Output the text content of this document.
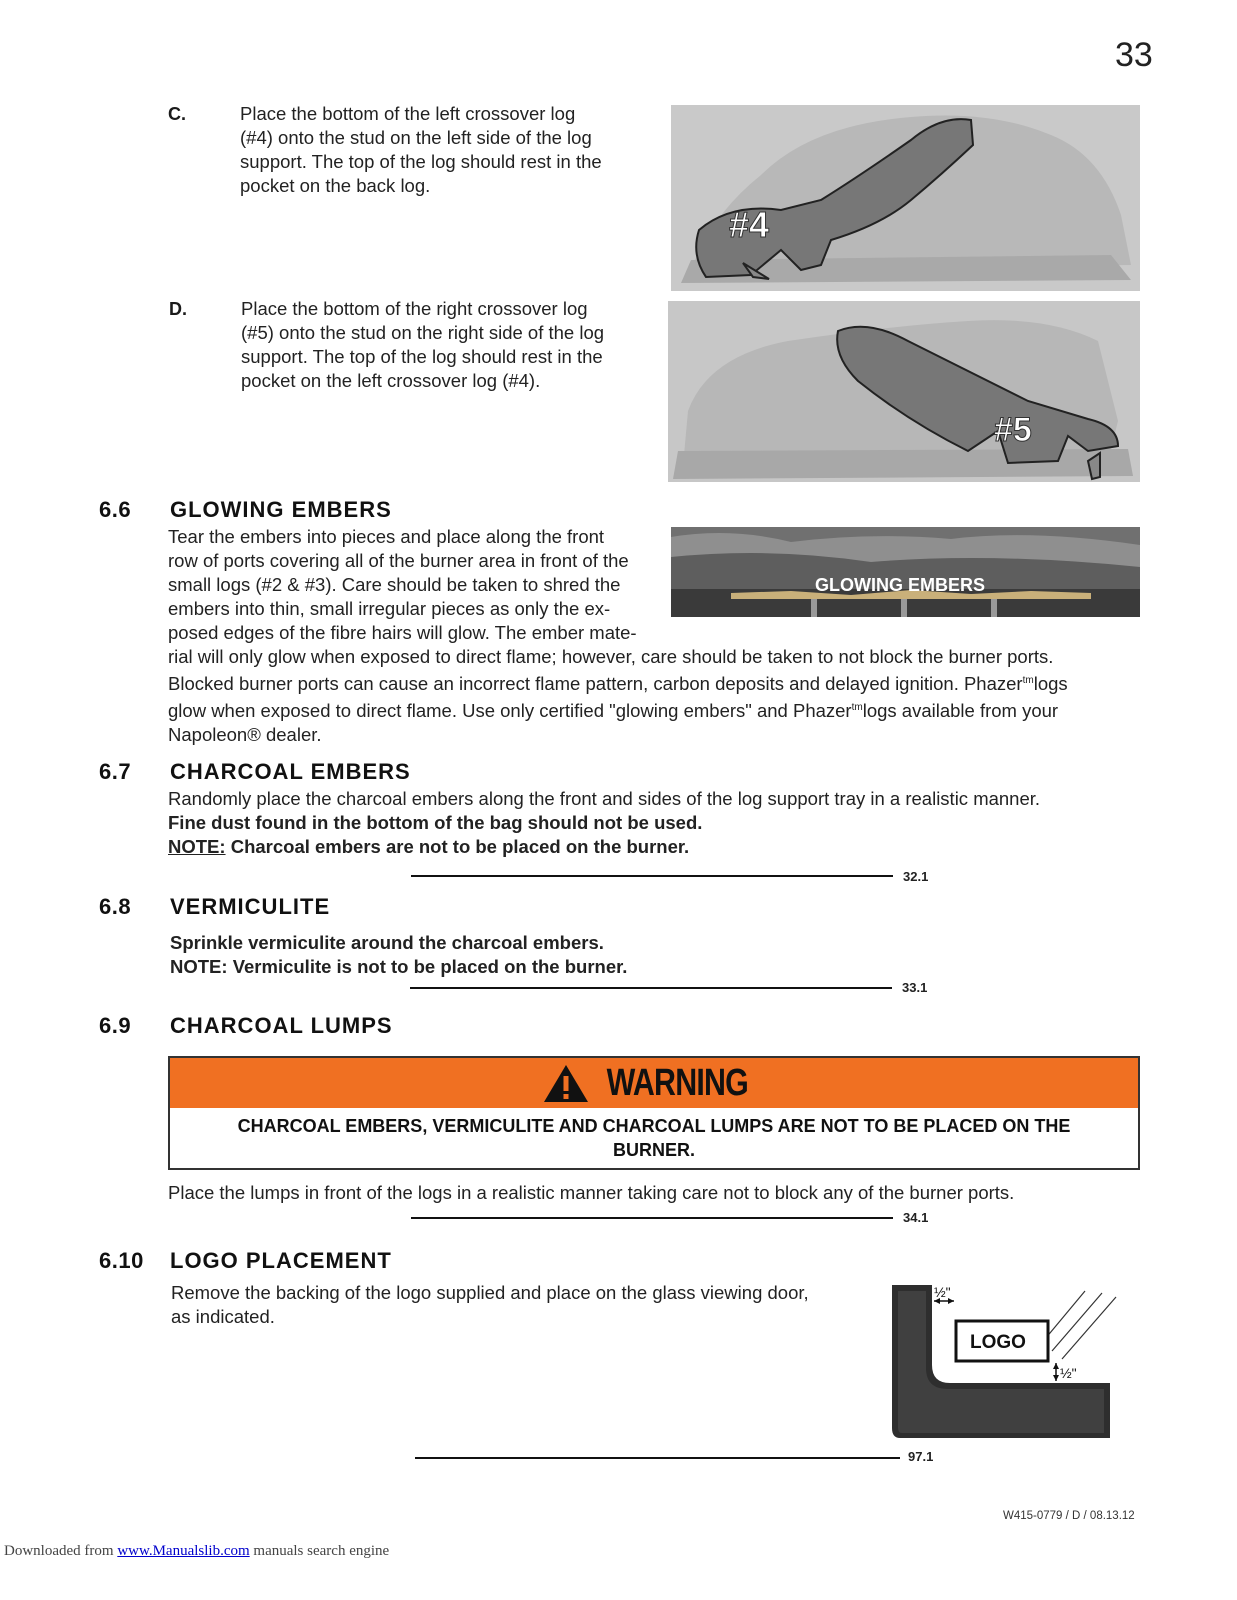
33
C.	Place the bottom of the left crossover log
(#4) onto the stud on the left side of the log
support. The top of the log should rest in the
pocket on the back log.
#4
D.	Place the bottom of the right crossover log
(#5) onto the stud on the right side of the log
support. The top of the log should rest in the
pocket on the left crossover log (#4).
#5
6.6 GLOWING EMBERS
Tear the embers into pieces and place along the front
row of ports covering all of the burner area in front of the
small logs (#2 & #3). Care should be taken to shred the
embers into thin, small irregular pieces as only the ex-
posed edges of the fibre hairs will glow. The ember mate-
rial will only glow when exposed to direct flame; however, care should be taken to not block the burner ports.
Blocked burner ports can cause an incorrect flame pattern, carbon deposits and delayed ignition. Phazer$^{tm}$logs
glow when exposed to direct flame. Use only certified "glowing embers" and Phazer$^{tm}$logs available from your
Napoleon® dealer.
GLOWING EMBERS
6.7 CHARCOAL EMBERS
Randomly place the charcoal embers along the front and sides of the log support tray in a realistic manner.
Fine dust found in the bottom of the bag should not be used.
NOTE: Charcoal embers are not to be placed on the burner.
32.1
6.8 VERMICULITE
Sprinkle vermiculite around the charcoal embers.
NOTE: Vermiculite is not to be placed on the burner.
33.1
6.9 CHARCOAL LUMPS
WARNING
CHARCOAL EMBERS, VERMICULITE AND CHARCOAL LUMPS ARE NOT TO BE PLACED ON THE
BURNER.
Place the lumps in front of the logs in a realistic manner taking care not to block any of the burner ports.
34.1
6.10 LOGO PLACEMENT
Remove the backing of the logo supplied and place on the glass viewing door,
as indicated.
LOGO
½"
½"
97.1
W415-0779 / D / 08.13.12
Downloaded from www.Manualslib.com manuals search engine
